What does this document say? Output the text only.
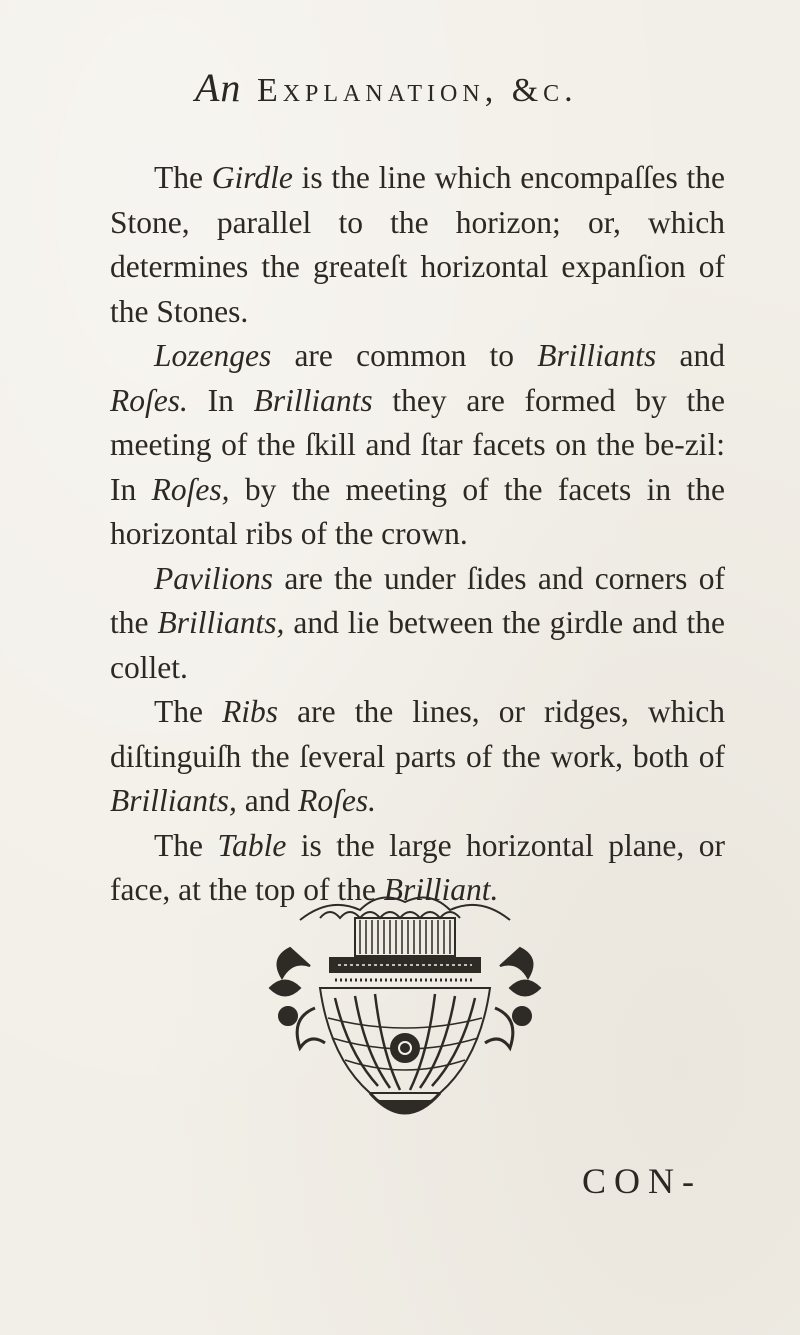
An Explanation, &c.

The Girdle is the line which encompaſſes the Stone, parallel to the horizon; or, which determines the greateſt horizontal expanſion of the Stones.

Lozenges are common to Brilliants and Roſes. In Brilliants they are formed by the meeting of the ſkill and ſtar facets on the be-zil: In Roſes, by the meeting of the facets in the horizontal ribs of the crown.

Pavilions are the under ſides and corners of the Brilliants, and lie between the girdle and the collet.

The Ribs are the lines, or ridges, which diſtinguiſh the ſeveral parts of the work, both of Brilliants, and Roſes.

The Table is the large horizontal plane, or face, at the top of the Brilliant.

CON-
